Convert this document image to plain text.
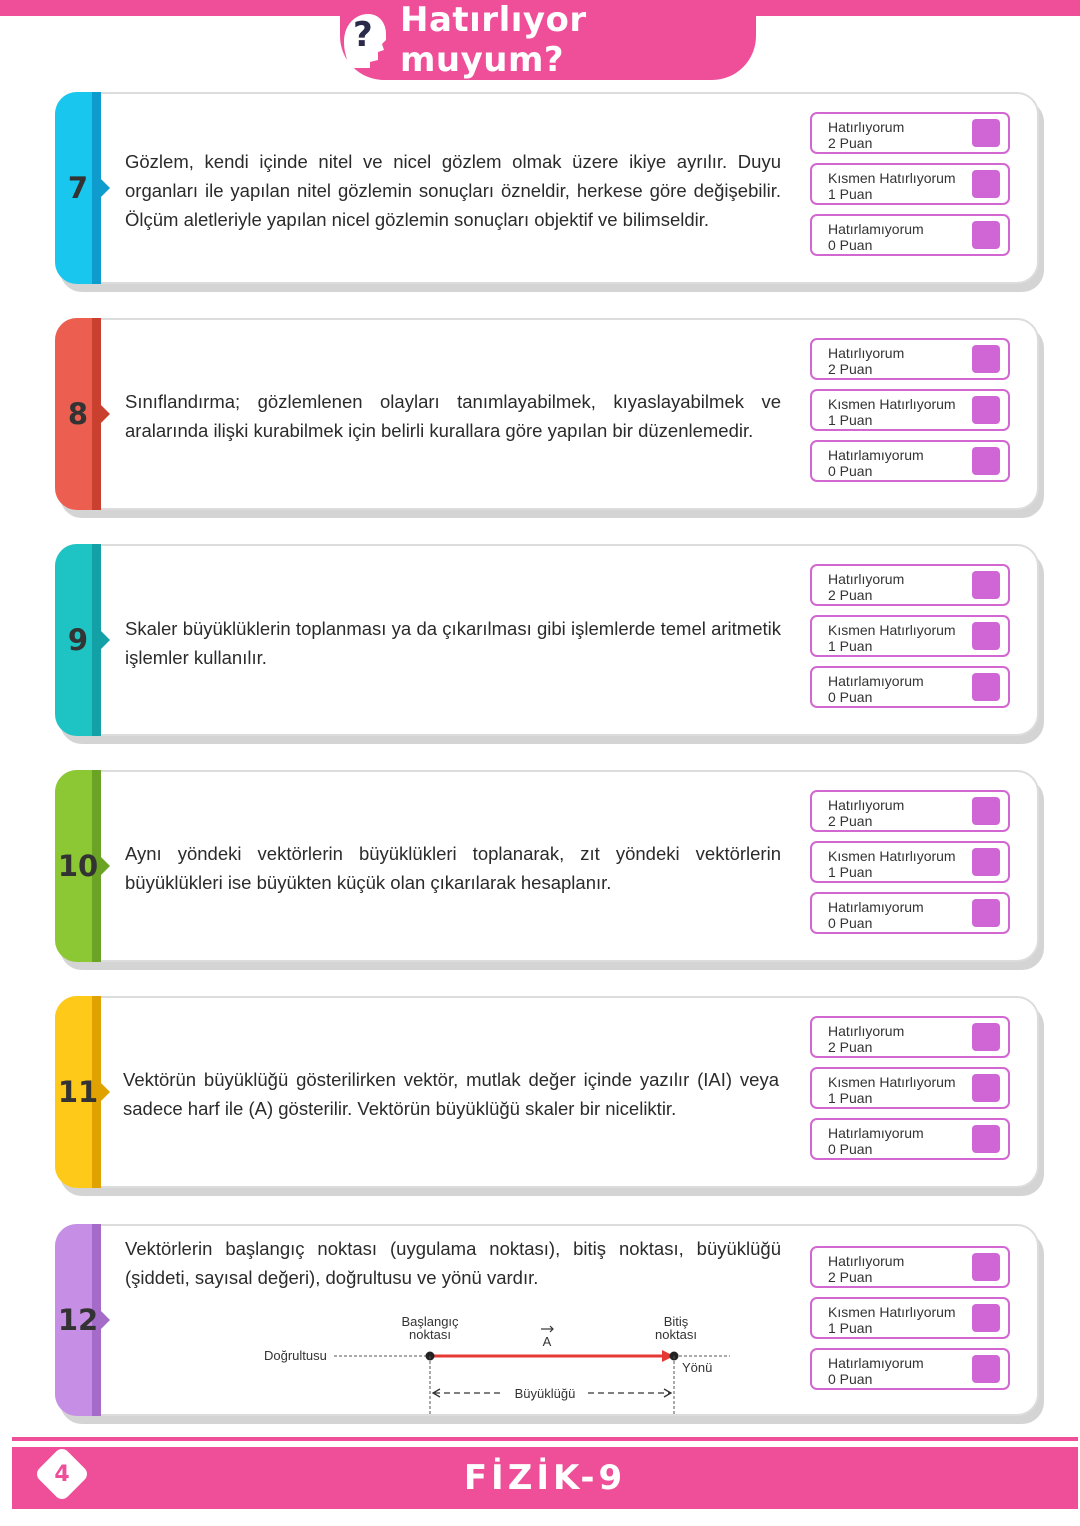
? Hatırlıyor muyum?
7
Gözlem, kendi içinde nitel ve nicel gözlem olmak üzere ikiye ayrılır. Duyu organları ile yapılan nitel gözlemin sonuçları özneldir, herkese göre değişebilir. Ölçüm aletleriyle yapılan nicel gözlemin sonuçları objektif ve bilimseldir.
Hatırlıyorum
2 Puan
Kısmen Hatırlıyorum
1 Puan
Hatırlamıyorum
0 Puan
8	Sınıflandırma; gözlemlenen olayları tanımlayabilmek, kıyaslayabilmek ve aralarında ilişki kurabilmek için belirli kurallara göre yapılan bir düzenlemedir.
Hatırlıyorum
2 Puan
Kısmen Hatırlıyorum
1 Puan
Hatırlamıyorum
0 Puan
9	Skaler büyüklüklerin toplanması ya da çıkarılması gibi işlemlerde temel aritmetik işlemler kullanılır.
Hatırlıyorum
2 Puan
Kısmen Hatırlıyorum
1 Puan
Hatırlamıyorum
0 Puan
10 Aynı yöndeki vektörlerin büyüklükleri toplanarak, zıt yöndeki vektörlerin büyüklükleri ise büyükten küçük olan çıkarılarak hesaplanır.
Hatırlıyorum
2 Puan
Kısmen Hatırlıyorum
1 Puan
Hatırlamıyorum
0 Puan
11 Vektörün büyüklüğü gösterilirken vektör, mutlak değer içinde yazılır (IAI) veya sadece harf ile (A) gösterilir. Vektörün büyüklüğü skaler bir niceliktir.
Hatırlıyorum
2 Puan
Kısmen Hatırlıyorum
1 Puan
Hatırlamıyorum
0 Puan
12
Vektörlerin başlangıç noktası (uygulama noktası), bitiş noktası, büyüklüğü (şiddeti, sayısal değeri), doğrultusu ve yönü vardır.
Başlangıç
noktası
Bitiş
noktası
A
Doğrultusu
Yönü
Büyüklüğü
Hatırlıyorum
2 Puan
Kısmen Hatırlıyorum
1 Puan
Hatırlamıyorum
0 Puan
FİZİK-9
4
